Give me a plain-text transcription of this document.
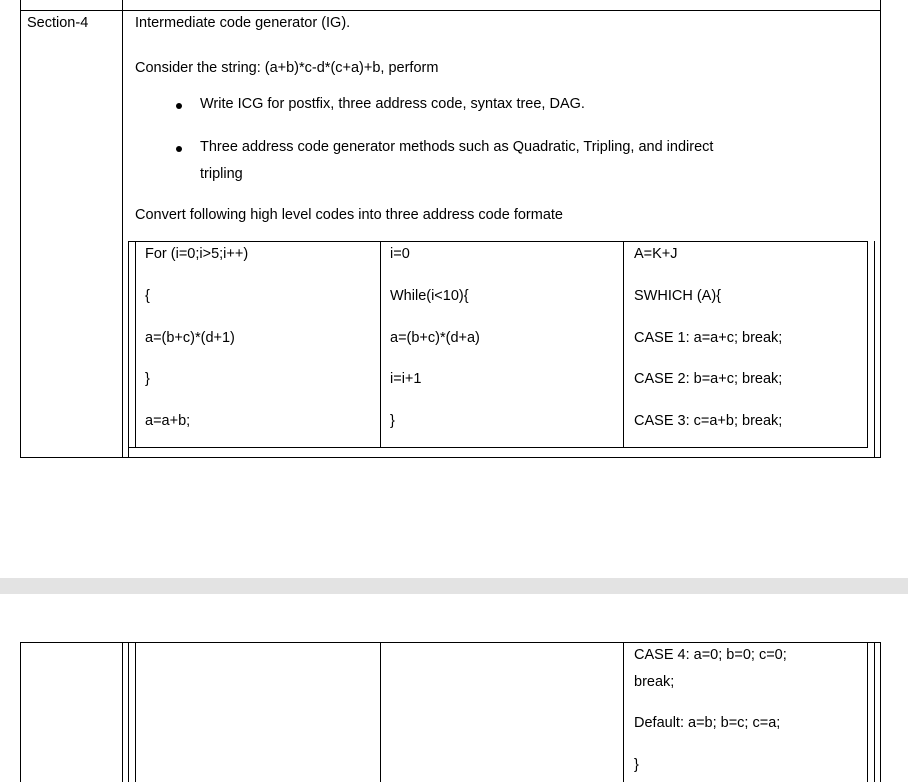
Section-4	Intermediate code generator (IG).
Consider the string: (a+b)*c-d*(c+a)+b, perform
Write ICG for postfix, three address code, syntax tree, DAG.
Three address code generator methods such as Quadratic, Tripling, and indirect
tripling
Convert following high level codes into three address code formate
For (i=0;i>5;i++)
{
a=(b+c)*(d+1)
}
a=a+b;
i=0
While(i<10){
a=(b+c)*(d+a)
i=i+1
}
A=K+J
SWHICH (A){
CASE 1: a=a+c; break;
CASE 2: b=a+c; break;
CASE 3: c=a+b; break;
CASE 4: a=0; b=0; c=0;
break;
Default: a=b; b=c; c=a;
}
